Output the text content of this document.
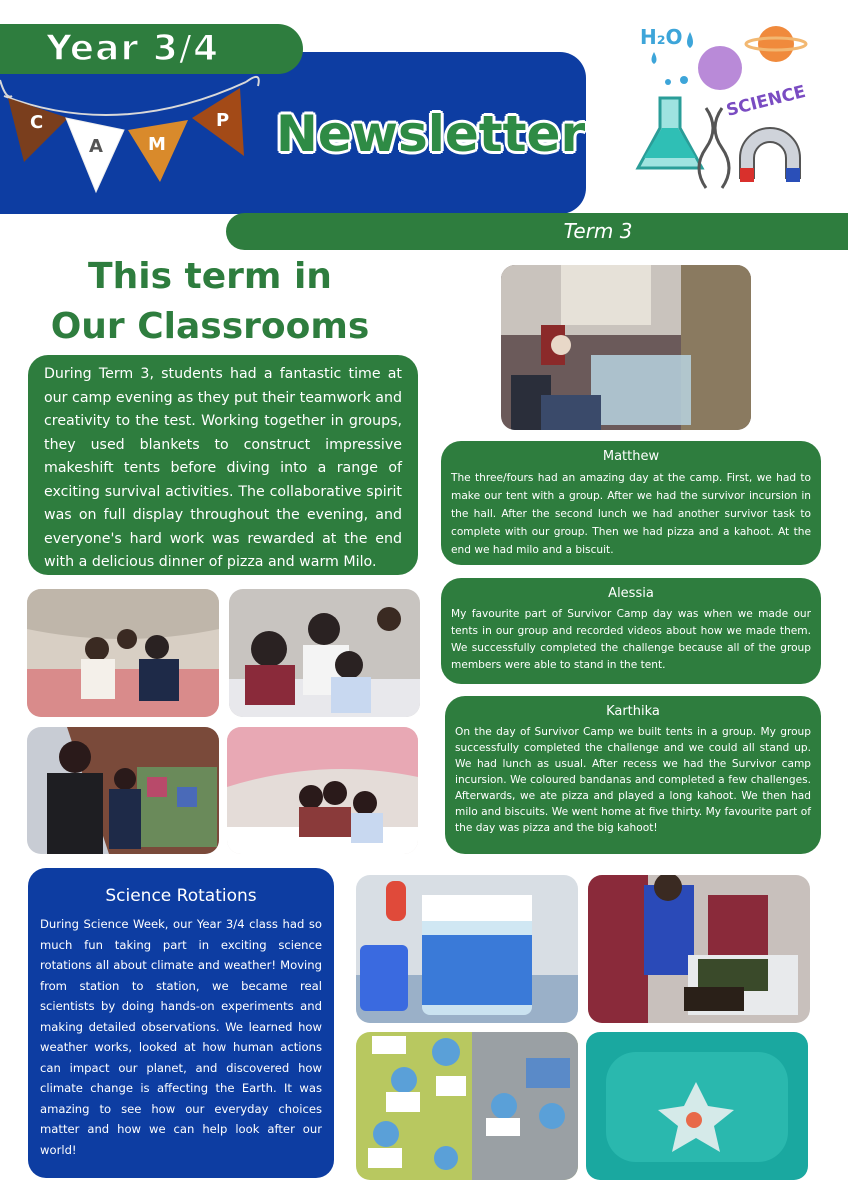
Year 3/4
C
A	M
P Newsletter
H₂O
SCIENCE
Term 3
This term in
Our Classrooms
During Term 3, students had a fantastic time at our camp evening as they put their teamwork and creativity to the test. Working together in groups, they used blankets to construct impressive makeshift tents before diving into a range of exciting survival activities. The collaborative spirit was on full display throughout the evening, and everyone's hard work was rewarded at the end with a delicious dinner of pizza and warm Milo.
Matthew
The three/fours had an amazing day at the camp. First, we had to make our tent with a group. After we had the survivor incursion in the hall. After the second lunch we had another survivor task to complete with our group. Then we had pizza and a kahoot. At the end we had milo and a biscuit.
Alessia
My favourite part of Survivor Camp day was when we made our tents in our group and recorded videos about how we made them. We successfully completed the challenge because all of the group members were able to stand in the tent.
Karthika
On the day of Survivor Camp we built tents in a group. My group successfully completed the challenge and we could all stand up. We had lunch as usual. After recess we had the Survivor camp incursion. We coloured bandanas and completed a few challenges. Afterwards, we ate pizza and played a long kahoot. We then had milo and biscuits. We went home at five thirty. My favourite part of the day was pizza and the big kahoot!
Science Rotations
During Science Week, our Year 3/4 class had so much fun taking part in exciting science rotations all about climate and weather! Moving from station to station, we became real scientists by doing hands-on experiments and making detailed observations. We learned how weather works, looked at how human actions can impact our planet, and discovered how climate change is affecting the Earth. It was amazing to see how our everyday choices matter and how we can help look after our world!
